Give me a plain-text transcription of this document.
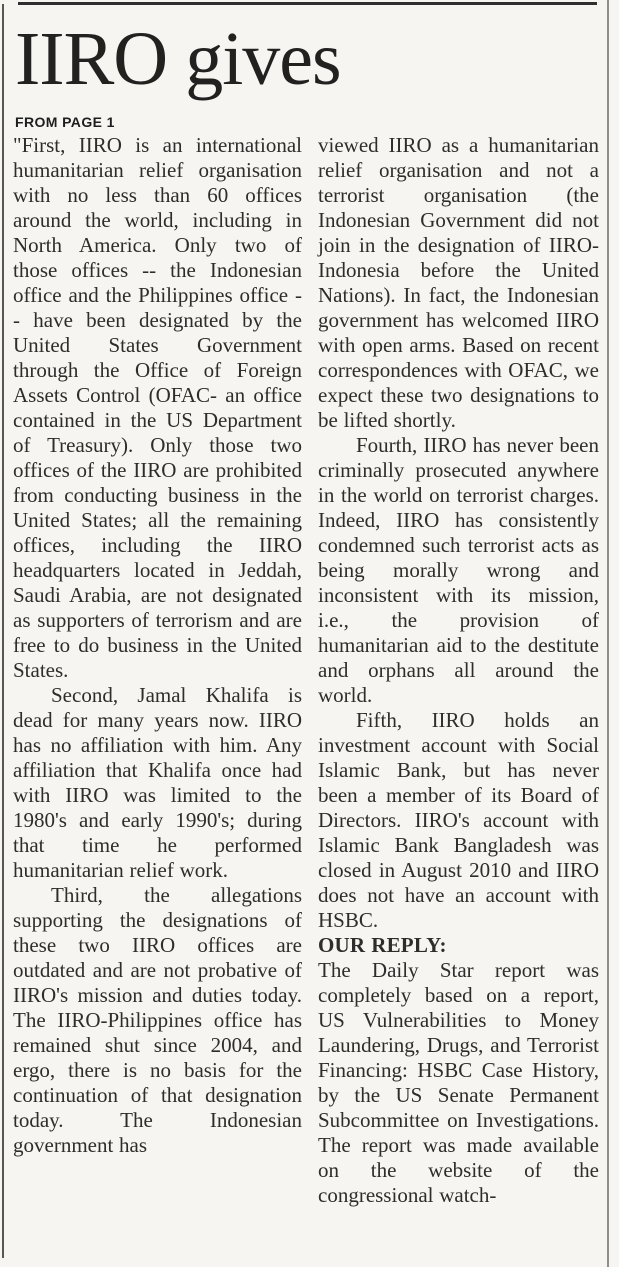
IIRO gives
FROM PAGE 1

"First, IIRO is an international humanitarian relief organisation with no less than 60 offices around the world, including in North America. Only two of those offices -- the Indonesian office and the Philippines office -- have been designated by the United States Government through the Office of Foreign Assets Control (OFAC- an office contained in the US Department of Treasury). Only those two offices of the IIRO are prohibited from conducting business in the United States; all the remaining offices, including the IIRO headquarters located in Jeddah, Saudi Arabia, are not designated as supporters of terrorism and are free to do business in the United States.

Second, Jamal Khalifa is dead for many years now. IIRO has no affiliation with him. Any affiliation that Khalifa once had with IIRO was limited to the 1980's and early 1990's; during that time he performed humanitarian relief work.

Third, the allegations supporting the designations of these two IIRO offices are outdated and are not probative of IIRO's mission and duties today. The IIRO-Philippines office has remained shut since 2004, and ergo, there is no basis for the continuation of that designation today. The Indonesian government has

viewed IIRO as a humanitarian relief organisation and not a terrorist organisation (the Indonesian Government did not join in the designation of IIRO- Indonesia before the United Nations). In fact, the Indonesian government has welcomed IIRO with open arms. Based on recent correspondences with OFAC, we expect these two designations to be lifted shortly.

Fourth, IIRO has never been criminally prosecuted anywhere in the world on terrorist charges. Indeed, IIRO has consistently condemned such terrorist acts as being morally wrong and inconsistent with its mission, i.e., the provision of humanitarian aid to the destitute and orphans all around the world.

Fifth, IIRO holds an investment account with Social Islamic Bank, but has never been a member of its Board of Directors. IIRO's account with Islamic Bank Bangladesh was closed in August 2010 and IIRO does not have an account with HSBC.

OUR REPLY:

The Daily Star report was completely based on a report, US Vulnerabilities to Money Laundering, Drugs, and Terrorist Financing: HSBC Case History, by the US Senate Permanent Subcommittee on Investigations. The report was made available on the website of the congressional watch-
